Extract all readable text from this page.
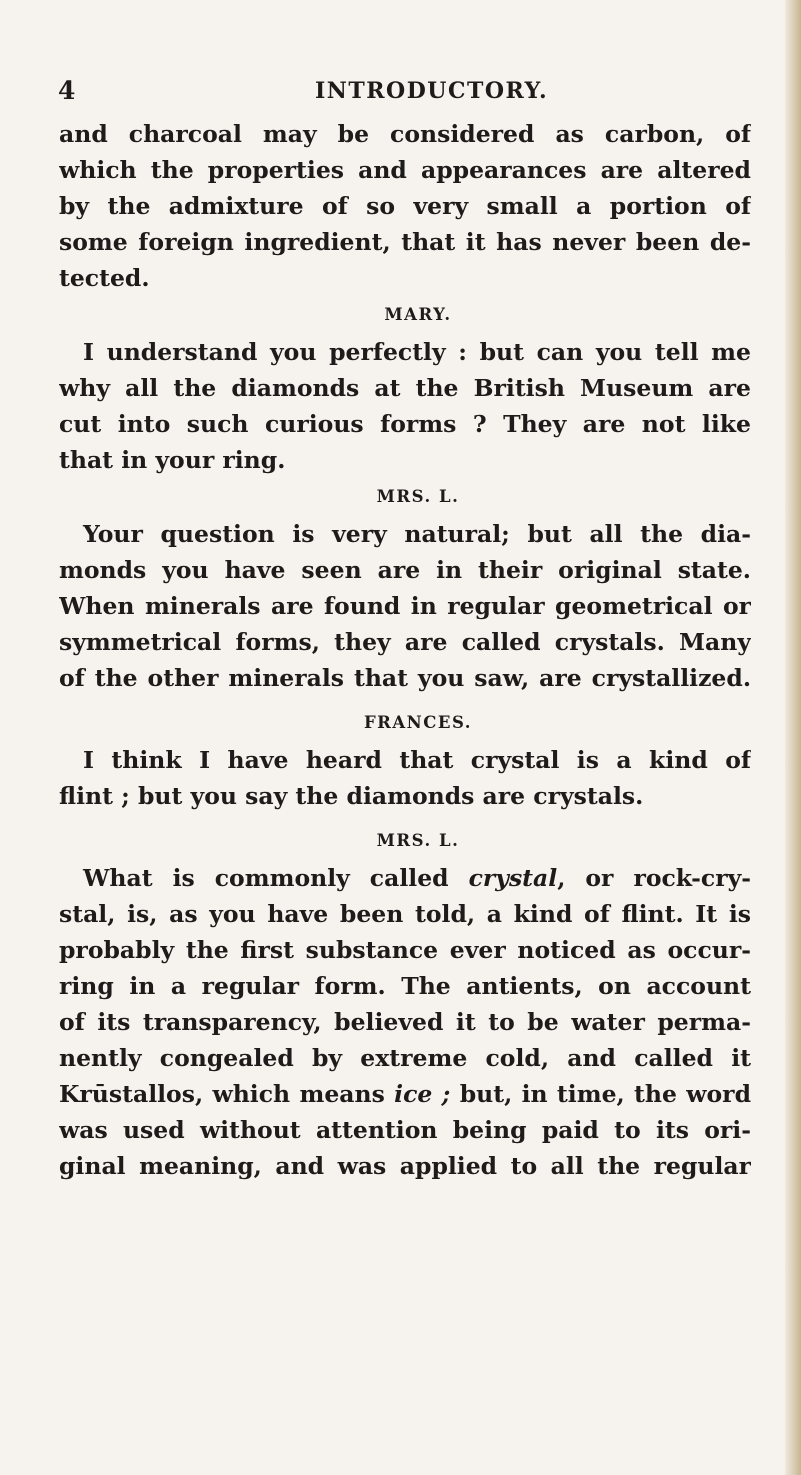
4	INTRODUCTORY.
and charcoal may be considered as carbon, of
which the properties and appearances are altered
by the admixture of so very small a portion of
some foreign ingredient, that it has never been de-
tected.
MARY.
I understand you perfectly : but can you tell me
why all the diamonds at the British Museum are
cut into such curious forms ? They are not like
that in your ring.
MRS. L.
Your question is very natural; but all the dia-
monds you have seen are in their original state.
When minerals are found in regular geometrical or
symmetrical forms, they are called crystals. Many
of the other minerals that you saw, are crystallized.
FRANCES.
I think I have heard that crystal is a kind of
flint ; but you say the diamonds are crystals.
MRS. L.
What is commonly called crystal, or rock-cry-
stal, is, as you have been told, a kind of flint. It is
probably the first substance ever noticed as occur-
ring in a regular form. The antients, on account
of its transparency, believed it to be water perma-
nently congealed by extreme cold, and called it
Krūstallos, which means ice ; but, in time, the word
was used without attention being paid to its ori-
ginal meaning, and was applied to all the regular
